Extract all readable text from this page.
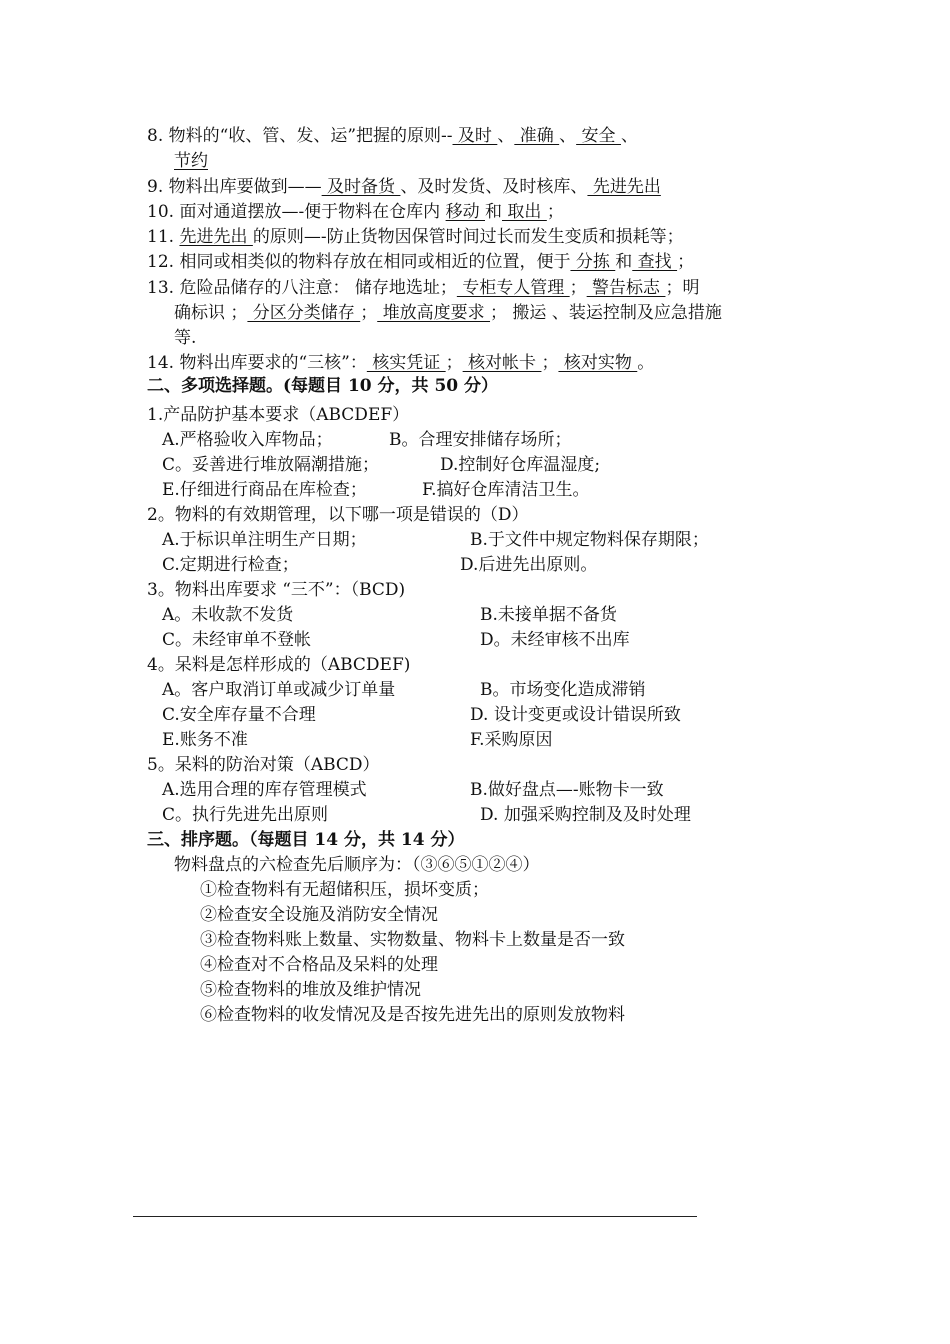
8. 物料的“收、管、发、运”把握的原则-- 及时 、 准确 、 安全 、
节约
9. 物料出库要做到—— 及时备货 、及时发货、及时核库、 先进先出
10. 面对通道摆放—-便于物料在仓库内 移动 和 取出 ；
11. 先进先出 的原则—-防止货物因保管时间过长而发生变质和损耗等；
12. 相同或相类似的物料存放在相同或相近的位置，便于 分拣 和 查找 ；
13. 危险品储存的八注意： 储存地选址； 专柜专人管理 ； 警告标志 ；明
确标识 ； 分区分类储存 ； 堆放高度要求 ； 搬运 、装运控制及应急措施
等.
14. 物料出库要求的“三核”： 核实凭证 ； 核对帐卡 ； 核对实物 。
二、多项选择题。(每题目 10 分，共 50 分）
1.产品防护基本要求（ABCDEF）
A.严格验收入库物品；	B。合理安排储存场所；
C。妥善进行堆放隔潮措施；	D.控制好仓库温湿度;
E.仔细进行商品在库检查；	F.搞好仓库清洁卫生。
2。物料的有效期管理，以下哪一项是错误的（D）
A.于标识单注明生产日期；	B.于文件中规定物料保存期限；
C.定期进行检查；	D.后进先出原则。
3。物料出库要求 “三不”：（BCD)
A。未收款不发货	B.未接单据不备货
C。未经审单不登帐	D。未经审核不出库
4。呆料是怎样形成的（ABCDEF)
A。客户取消订单或减少订单量	B。市场变化造成滞销
C.安全库存量不合理	D. 设计变更或设计错误所致
E.账务不准	F.采购原因
5。呆料的防治对策（ABCD）
A.选用合理的库存管理模式	B.做好盘点—-账物卡一致
C。执行先进先出原则	D. 加强采购控制及及时处理
三、排序题。（每题目 14 分，共 14 分）
物料盘点的六检查先后顺序为：（③⑥⑤①②④）
①检查物料有无超储积压，损坏变质；
②检查安全设施及消防安全情况
③检查物料账上数量、实物数量、物料卡上数量是否一致
④检查对不合格品及呆料的处理
⑤检查物料的堆放及维护情况
⑥检查物料的收发情况及是否按先进先出的原则发放物料
